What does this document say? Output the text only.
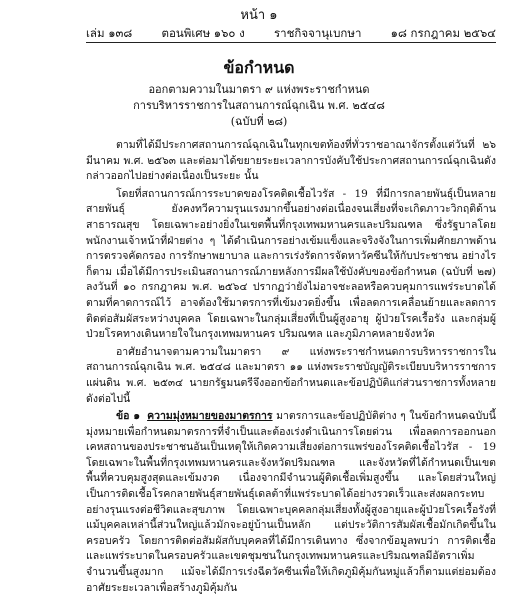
หน้า ๑
เล่ม ๑๓๘	ตอนพิเศษ ๑๖๐ ง	ราชกิจจานุเบกษา	๑๘ กรกฎาคม ๒๕๖๔
ข้อกำหนด
ออกตามความในมาตรา ๙ แห่งพระราชกำหนด
การบริหารราชการในสถานการณ์ฉุกเฉิน พ.ศ. ๒๕๔๘
(ฉบับที่ ๒๘)

ตามที่ได้มีประกาศสถานการณ์ฉุกเฉินในทุกเขตท้องที่ทั่วราชอาณาจักรตั้งแต่วันที่ ๒๖ มีนาคม พ.ศ. ๒๕๖๓ และต่อมาได้ขยายระยะเวลาการบังคับใช้ประกาศสถานการณ์ฉุกเฉินดังกล่าวออกไปอย่างต่อเนื่องเป็นระยะ นั้น

โดยที่สถานการณ์การระบาดของโรคติดเชื้อไวรัส - 19 ที่มีการกลายพันธุ์เป็นหลายสายพันธุ์ ยังคงทวีความรุนแรงมากขึ้นอย่างต่อเนื่องจนเสี่ยงที่จะเกิดภาวะวิกฤติด้านสาธารณสุข โดยเฉพาะอย่างยิ่งในเขตพื้นที่กรุงเทพมหานครและปริมณฑล ซึ่งรัฐบาลโดยพนักงานเจ้าหน้าที่ฝ่ายต่าง ๆ ได้ดำเนินการอย่างเข้มแข็งและจริงจังในการเพิ่มศักยภาพด้านการตรวจคัดกรอง การรักษาพยาบาล และการเร่งรัดการจัดหาวัคซีนให้กับประชาชน อย่างไรก็ตาม เมื่อได้มีการประเมินสถานการณ์ภายหลังการมีผลใช้บังคับของข้อกำหนด (ฉบับที่ ๒๗) ลงวันที่ ๑๐ กรกฎาคม พ.ศ. ๒๕๖๔ ปรากฏว่ายังไม่อาจชะลอหรือควบคุมการแพร่ระบาดได้ตามที่คาดการณ์ไว้ อาจต้องใช้มาตรการที่เข้มงวดยิ่งขึ้น เพื่อลดการเคลื่อนย้ายและลดการติดต่อสัมผัสระหว่างบุคคล โดยเฉพาะในกลุ่มเสี่ยงที่เป็นผู้สูงอายุ ผู้ป่วยโรคเรื้อรัง และกลุ่มผู้ป่วยโรคทางเดินหายใจในกรุงเทพมหานคร ปริมณฑล และภูมิภาคหลายจังหวัด

อาศัยอำนาจตามความในมาตรา ๙ แห่งพระราชกำหนดการบริหารราชการในสถานการณ์ฉุกเฉิน พ.ศ. ๒๕๔๘ และมาตรา ๑๑ แห่งพระราชบัญญัติระเบียบบริหารราชการแผ่นดิน พ.ศ. ๒๕๓๔ นายกรัฐมนตรีจึงออกข้อกำหนดและข้อปฏิบัติแก่ส่วนราชการทั้งหลาย ดังต่อไปนี้

ข้อ ๑ ความมุ่งหมายของมาตรการ มาตรการและข้อปฏิบัติต่าง ๆ ในข้อกำหนดฉบับนี้มุ่งหมายเพื่อกำหนดมาตรการที่จำเป็นและต้องเร่งดำเนินการโดยด่วน เพื่อลดการออกนอกเคหสถานของประชาชนอันเป็นเหตุให้เกิดความเสี่ยงต่อการแพร่ของโรคติดเชื้อไวรัส - 19 โดยเฉพาะในพื้นที่กรุงเทพมหานครและจังหวัดปริมณฑล และจังหวัดที่ได้กำหนดเป็นเขตพื้นที่ควบคุมสูงสุดและเข้มงวด เนื่องจากมีจำนวนผู้ติดเชื้อเพิ่มสูงขึ้น และโดยส่วนใหญ่เป็นการติดเชื้อโรคกลายพันธุ์สายพันธุ์เดลต้าที่แพร่ระบาดได้อย่างรวดเร็วและส่งผลกระทบอย่างรุนแรงต่อชีวิตและสุขภาพ โดยเฉพาะบุคคลกลุ่มเสี่ยงทั้งผู้สูงอายุและผู้ป่วยโรคเรื้อรังที่แม้บุคคลเหล่านี้ส่วนใหญ่แล้วมักจะอยู่บ้านเป็นหลัก แต่ประวัติการสัมผัสเชื้อมักเกิดขึ้นในครอบครัว โดยการติดต่อสัมผัสกับบุคคลที่ได้มีการเดินทาง ซึ่งจากข้อมูลพบว่า การติดเชื้อและแพร่ระบาดในครอบครัวและเขตชุมชนในกรุงเทพมหานครและปริมณฑลมีอัตราเพิ่มจำนวนขึ้นสูงมาก แม้จะได้มีการเร่งฉีดวัคซีนเพื่อให้เกิดภูมิคุ้มกันหมู่แล้วก็ตามแต่ย่อมต้องอาศัยระยะเวลาเพื่อสร้างภูมิคุ้มกัน
